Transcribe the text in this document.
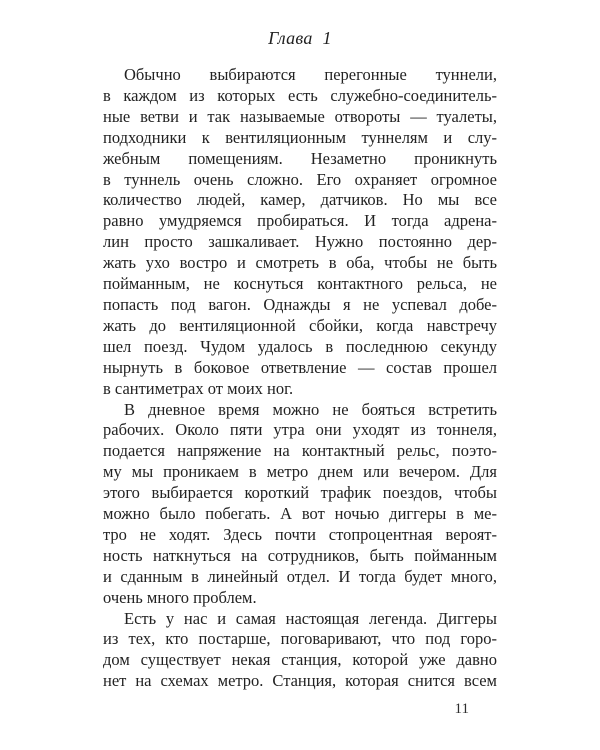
Глава 1
Обычно выбираются перегонные туннели,
в каждом из которых есть служебно-соединитель-
ные ветви и так называемые отвороты — туалеты,
подходники к вентиляционным туннелям и слу-
жебным помещениям. Незаметно проникнуть
в туннель очень сложно. Его охраняет огромное
количество людей, камер, датчиков. Но мы все
равно умудряемся пробираться. И тогда адрена-
лин просто зашкаливает. Нужно постоянно дер-
жать ухо востро и смотреть в оба, чтобы не быть
пойманным, не коснуться контактного рельса, не
попасть под вагон. Однажды я не успевал добе-
жать до вентиляционной сбойки, когда навстречу
шел поезд. Чудом удалось в последнюю секунду
нырнуть в боковое ответвление — состав прошел
в сантиметрах от моих ног.
В дневное время можно не бояться встретить
рабочих. Около пяти утра они уходят из тоннеля,
подается напряжение на контактный рельс, поэто-
му мы проникаем в метро днем или вечером. Для
этого выбирается короткий трафик поездов, чтобы
можно было побегать. А вот ночью диггеры в ме-
тро не ходят. Здесь почти стопроцентная вероят-
ность наткнуться на сотрудников, быть пойманным
и сданным в линейный отдел. И тогда будет много,
очень много проблем.
Есть у нас и самая настоящая легенда. Диггеры
из тех, кто постарше, поговаривают, что под горо-
дом существует некая станция, которой уже давно
нет на схемах метро. Станция, которая снится всем
11
